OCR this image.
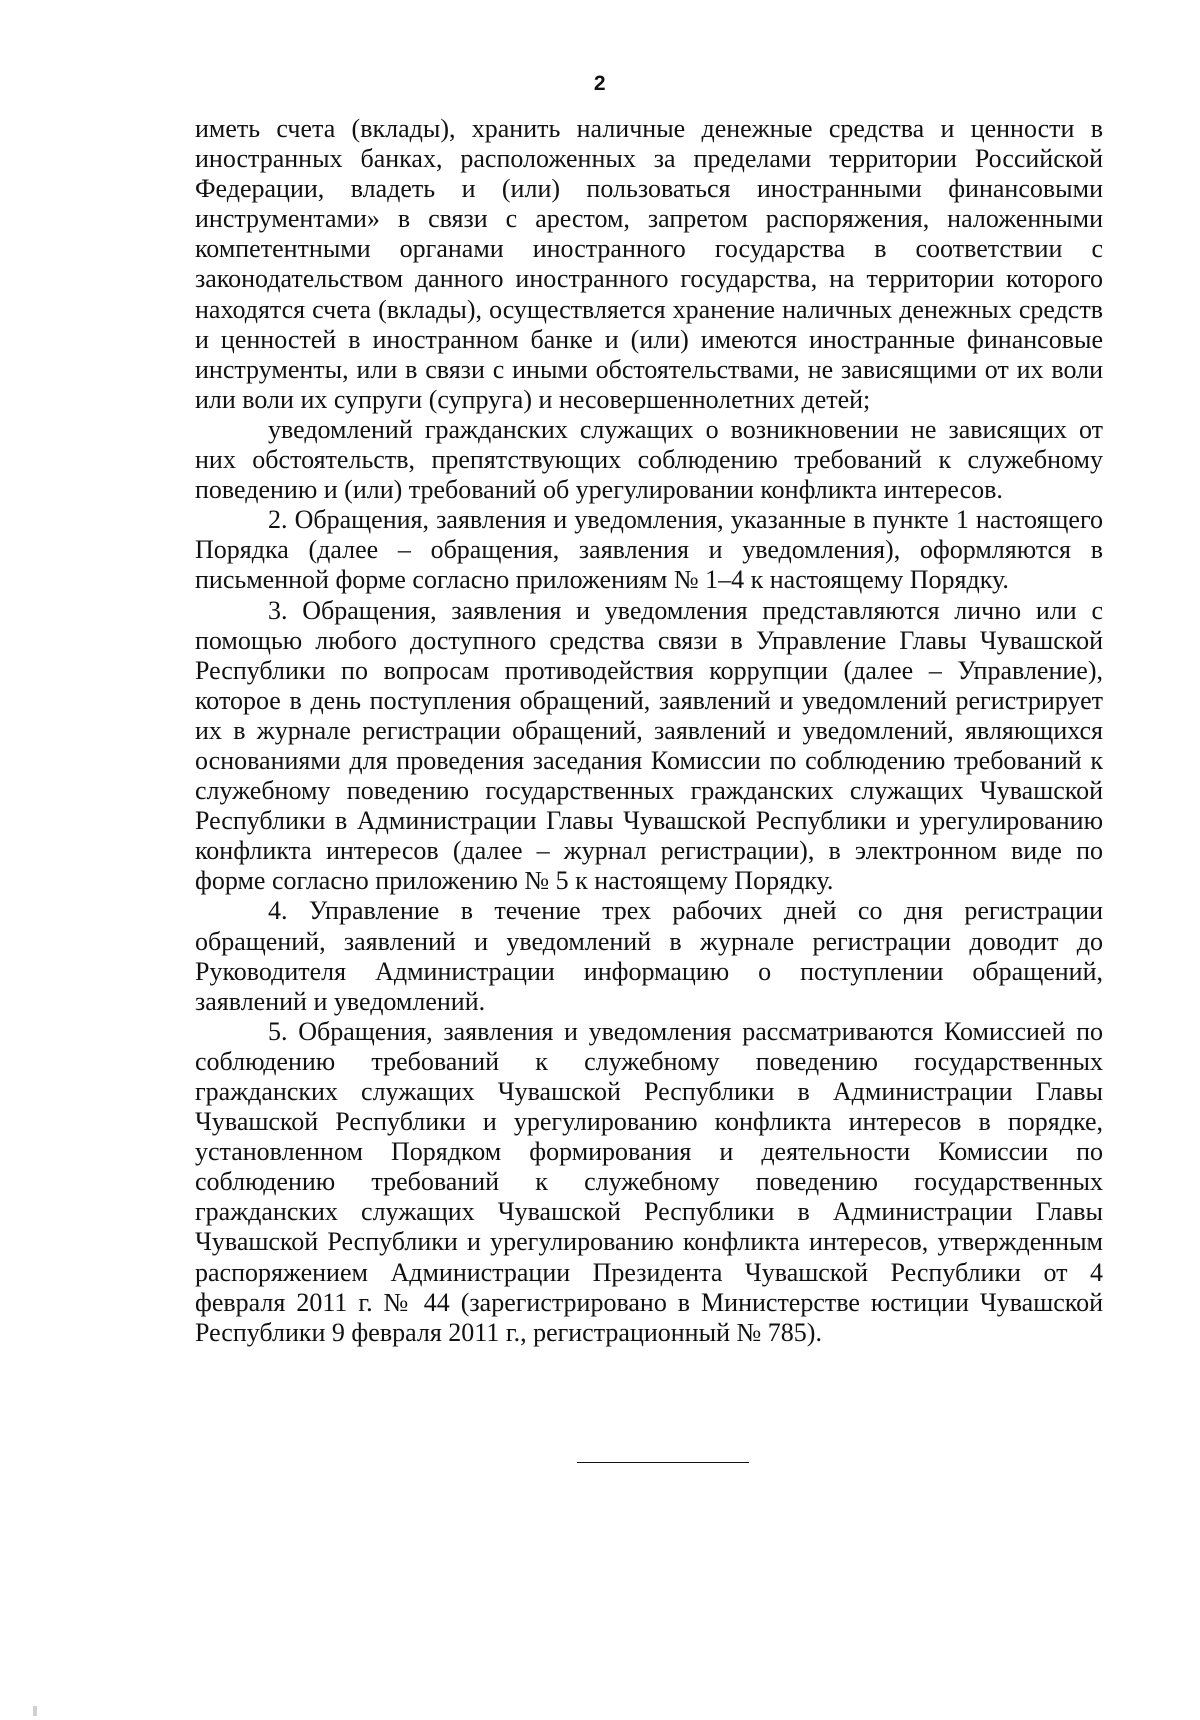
2

иметь счета (вклады), хранить наличные денежные средства и ценности в иностранных банках, расположенных за пределами территории Российской Федерации, владеть и (или) пользоваться иностранными финансовыми инструментами» в связи с арестом, запретом распоряжения, наложенными компетентными органами иностранного государства в соответствии с законодательством данного иностранного государства, на территории которого находятся счета (вклады), осуществляется хранение наличных денежных средств и ценностей в иностранном банке и (или) имеются иностранные финансовые инструменты, или в связи с иными обстоятельствами, не зависящими от их воли или воли их супруги (супруга) и несовершеннолетних детей;

уведомлений гражданских служащих о возникновении не зависящих от них обстоятельств, препятствующих соблюдению требований к служебному поведению и (или) требований об урегулировании конфликта интересов.

2. Обращения, заявления и уведомления, указанные в пункте 1 настоящего Порядка (далее – обращения, заявления и уведомления), оформляются в письменной форме согласно приложениям № 1–4 к настоящему Порядку.

3. Обращения, заявления и уведомления представляются лично или с помощью любого доступного средства связи в Управление Главы Чувашской Республики по вопросам противодействия коррупции (далее – Управление), которое в день поступления обращений, заявлений и уведомлений регистрирует их в журнале регистрации обращений, заявлений и уведомлений, являющихся основаниями для проведения заседания Комиссии по соблюдению требований к служебному поведению государственных гражданских служащих Чувашской Республики в Администрации Главы Чувашской Республики и урегулированию конфликта интересов (далее – журнал регистрации), в электронном виде по форме согласно приложению № 5 к настоящему Порядку.

4. Управление в течение трех рабочих дней со дня регистрации обращений, заявлений и уведомлений в журнале регистрации доводит до Руководителя Администрации информацию о поступлении обращений, заявлений и уведомлений.

5. Обращения, заявления и уведомления рассматриваются Комиссией по соблюдению требований к служебному поведению государственных гражданских служащих Чувашской Республики в Администрации Главы Чувашской Республики и урегулированию конфликта интересов в порядке, установленном Порядком формирования и деятельности Комиссии по соблюдению требований к служебному поведению государственных гражданских служащих Чувашской Республики в Администрации Главы Чувашской Республики и урегулированию конфликта интересов, утвержденным распоряжением Администрации Президента Чувашской Республики от 4 февраля 2011 г. № 44 (зарегистрировано в Министерстве юстиции Чувашской Республики 9 февраля 2011 г., регистрационный № 785).
